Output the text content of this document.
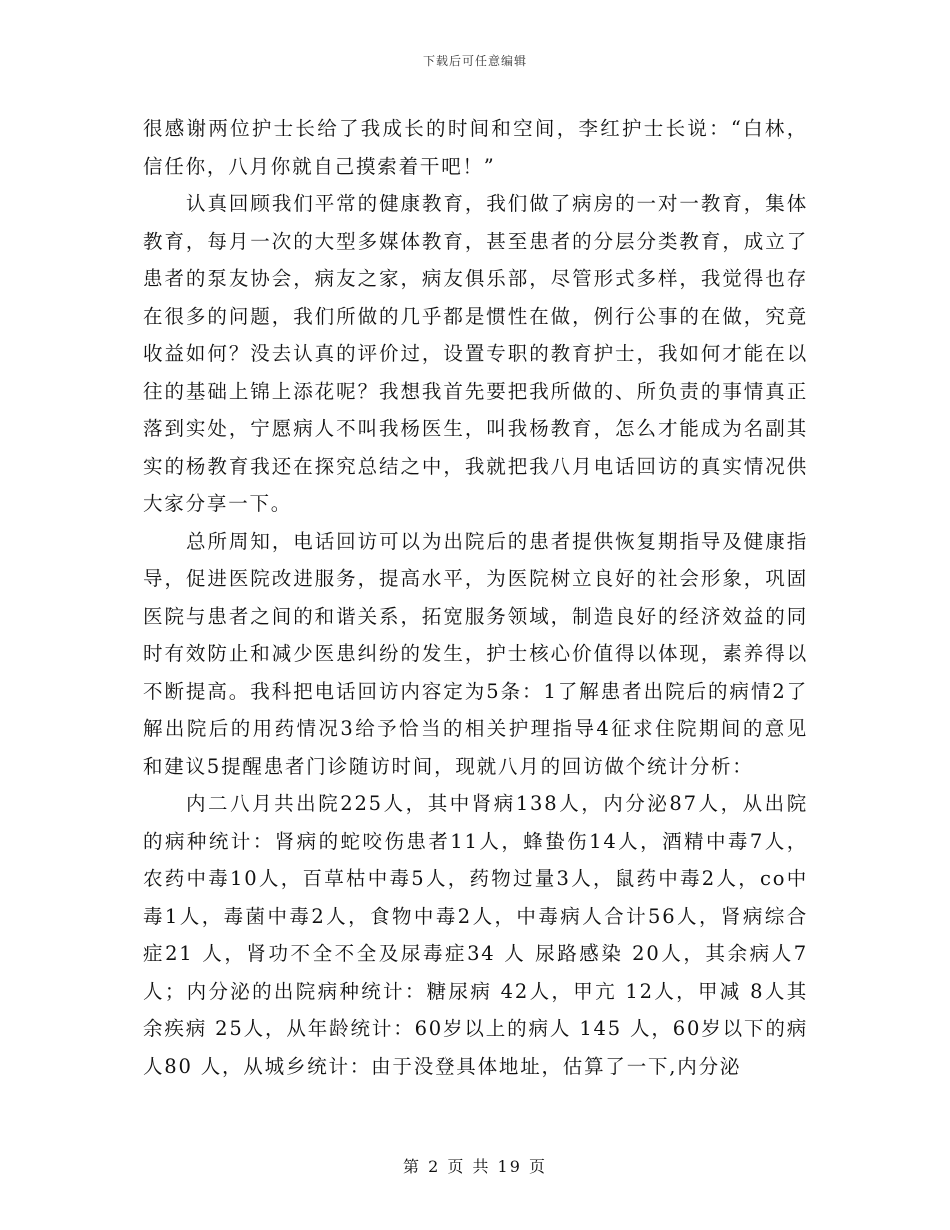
下载后可任意编辑

很感谢两位护士长给了我成长的时间和空间，李红护士长说：“白林，信任你，八月你就自己摸索着干吧！”

认真回顾我们平常的健康教育，我们做了病房的一对一教育，集体教育，每月一次的大型多媒体教育，甚至患者的分层分类教育，成立了患者的泵友协会，病友之家，病友俱乐部，尽管形式多样，我觉得也存在很多的问题，我们所做的几乎都是惯性在做，例行公事的在做，究竟收益如何？没去认真的评价过，设置专职的教育护士，我如何才能在以往的基础上锦上添花呢？我想我首先要把我所做的、所负责的事情真正落到实处，宁愿病人不叫我杨医生，叫我杨教育，怎么才能成为名副其实的杨教育我还在探究总结之中，我就把我八月电话回访的真实情况供大家分享一下。

总所周知，电话回访可以为出院后的患者提供恢复期指导及健康指导，促进医院改进服务，提高水平，为医院树立良好的社会形象，巩固医院与患者之间的和谐关系，拓宽服务领域，制造良好的经济效益的同时有效防止和减少医患纠纷的发生，护士核心价值得以体现，素养得以不断提高。我科把电话回访内容定为5条：1了解患者出院后的病情2了解出院后的用药情况3给予恰当的相关护理指导4征求住院期间的意见和建议5提醒患者门诊随访时间，现就八月的回访做个统计分析：

内二八月共出院225人，其中肾病138人，内分泌87人，从出院的病种统计：肾病的蛇咬伤患者11人，蜂蛰伤14人，酒精中毒7人，农药中毒10人，百草枯中毒5人，药物过量3人，鼠药中毒2人，co中毒1人，毒菌中毒2人，食物中毒2人，中毒病人合计56人，肾病综合症21 人，肾功不全不全及尿毒症34 人 尿路感染 20人，其余病人7人；内分泌的出院病种统计：糖尿病 42人，甲亢 12人，甲减 8人其余疾病 25人，从年龄统计：60岁以上的病人 145 人，60岁以下的病人80 人，从城乡统计：由于没登具体地址，估算了一下,内分泌

第 2 页 共 19 页
